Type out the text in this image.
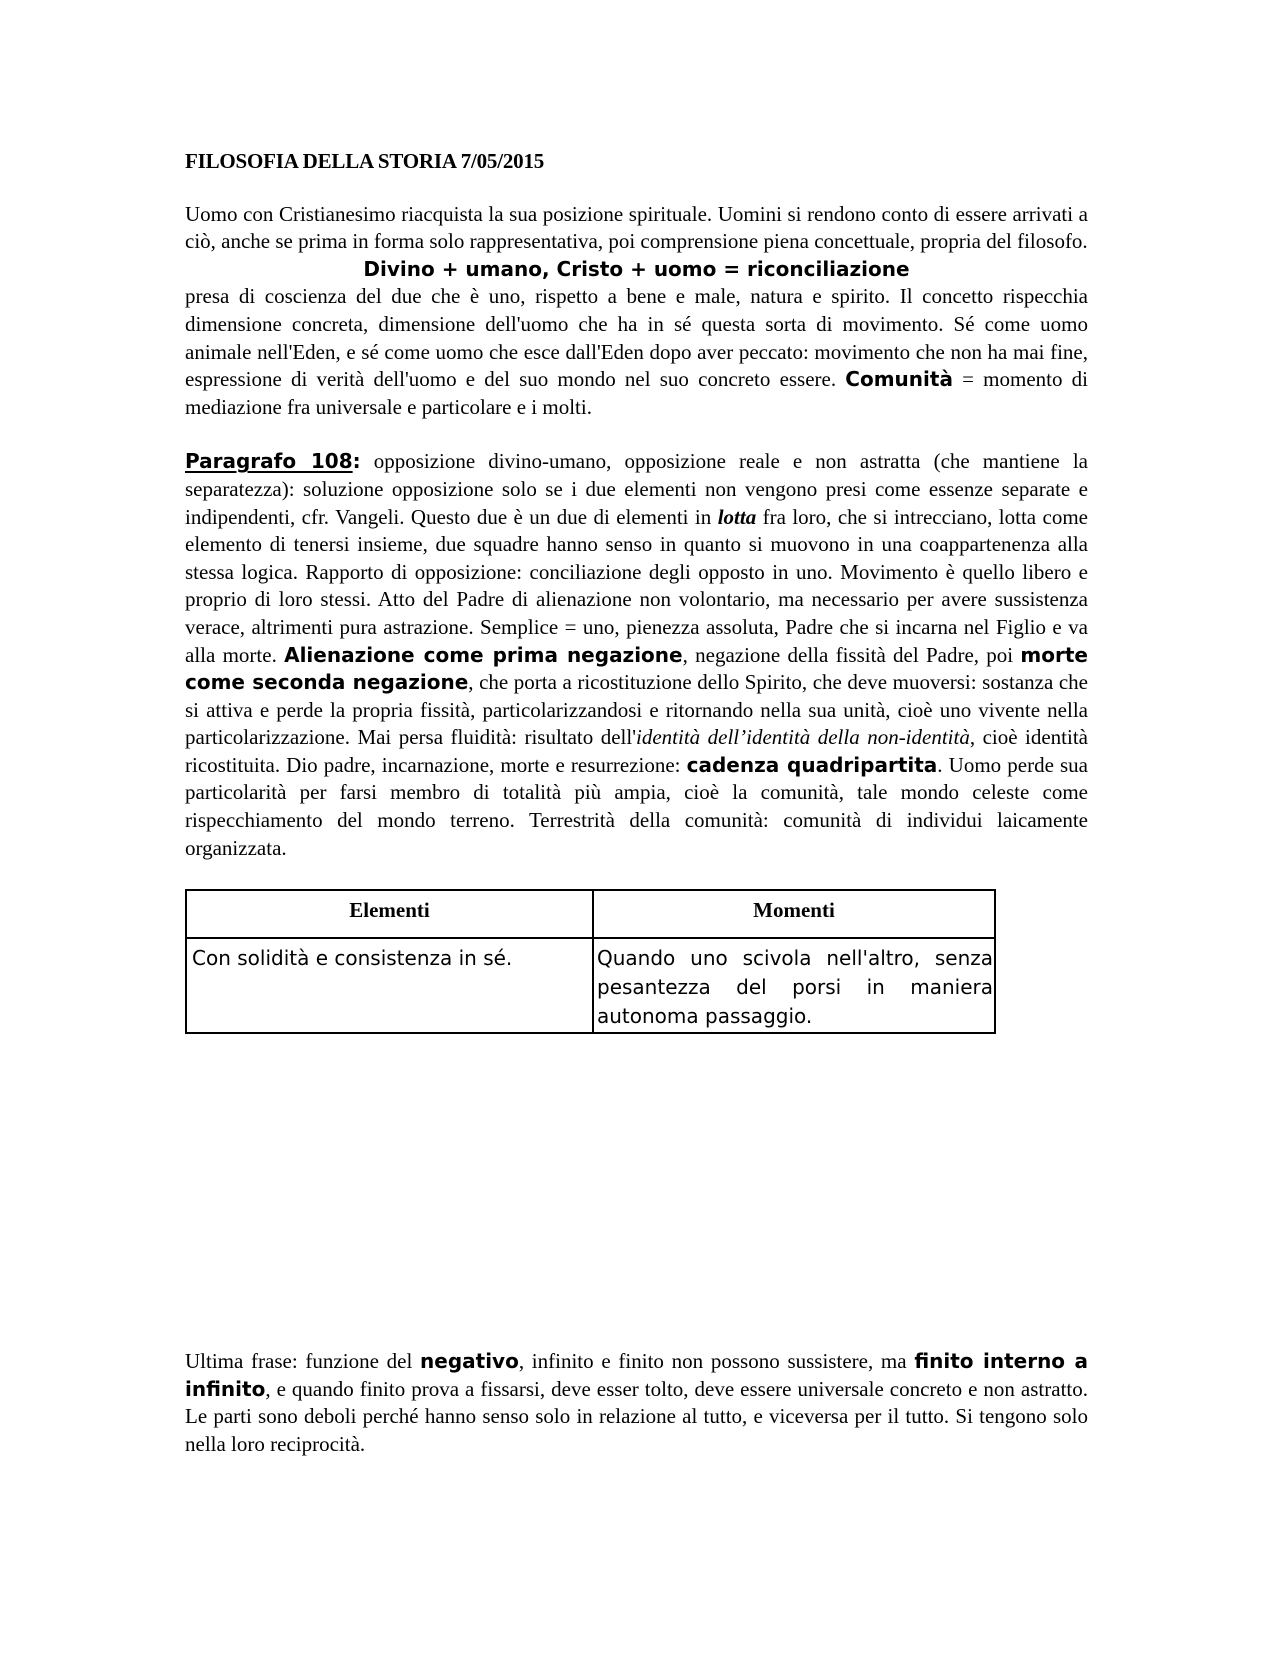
FILOSOFIA DELLA STORIA 7/05/2015

Uomo con Cristianesimo riacquista la sua posizione spirituale. Uomini si rendono conto di essere arrivati a ciò, anche se prima in forma solo rappresentativa, poi comprensione piena concettuale, propria del filosofo.

Divino + umano, Cristo + uomo = riconciliazione

presa di coscienza del due che è uno, rispetto a bene e male, natura e spirito. Il concetto rispecchia dimensione concreta, dimensione dell'uomo che ha in sé questa sorta di movimento. Sé come uomo animale nell'Eden, e sé come uomo che esce dall'Eden dopo aver peccato: movimento che non ha mai fine, espressione di verità dell'uomo e del suo mondo nel suo concreto essere. Comunità = momento di mediazione fra universale e particolare e i molti.

Paragrafo 108: opposizione divino-umano, opposizione reale e non astratta (che mantiene la separatezza): soluzione opposizione solo se i due elementi non vengono presi come essenze separate e indipendenti, cfr. Vangeli. Questo due è un due di elementi in lotta fra loro, che si intrecciano, lotta come elemento di tenersi insieme, due squadre hanno senso in quanto si muovono in una coappartenenza alla stessa logica. Rapporto di opposizione: conciliazione degli opposto in uno. Movimento è quello libero e proprio di loro stessi. Atto del Padre di alienazione non volontario, ma necessario per avere sussistenza verace, altrimenti pura astrazione. Semplice = uno, pienezza assoluta, Padre che si incarna nel Figlio e va alla morte. Alienazione come prima negazione, negazione della fissità del Padre, poi morte come seconda negazione, che porta a ricostituzione dello Spirito, che deve muoversi: sostanza che si attiva e perde la propria fissità, particolarizzandosi e ritornando nella sua unità, cioè uno vivente nella particolarizzazione. Mai persa fluidità: risultato dell'identità dell’identità della non-identità, cioè identità ricostituita. Dio padre, incarnazione, morte e resurrezione: cadenza quadripartita. Uomo perde sua particolarità per farsi membro di totalità più ampia, cioè la comunità, tale mondo celeste come rispecchiamento del mondo terreno. Terrestrità della comunità: comunità di individui laicamente organizzata.

Elementi	Momenti
Con solidità e consistenza in sé.	Quando uno scivola nell'altro, senza pesantezza del porsi in maniera autonoma passaggio.

Ultima frase: funzione del negativo, infinito e finito non possono sussistere, ma finito interno a infinito, e quando finito prova a fissarsi, deve esser tolto, deve essere universale concreto e non astratto. Le parti sono deboli perché hanno senso solo in relazione al tutto, e viceversa per il tutto. Si tengono solo nella loro reciprocità.
